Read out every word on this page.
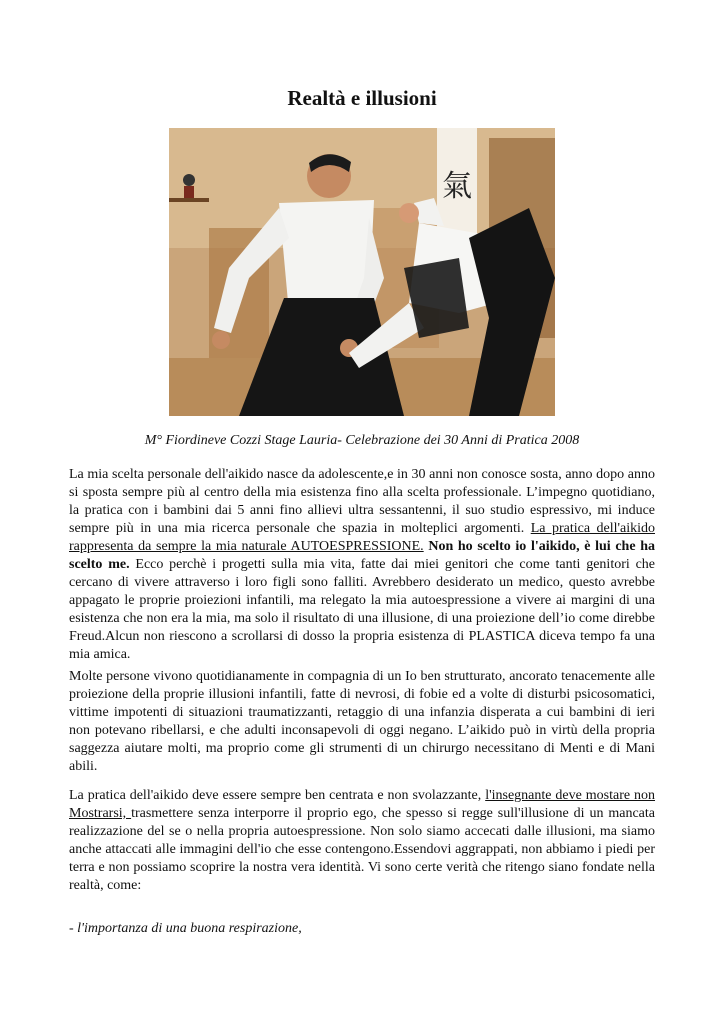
Realtà e illusioni
氣
M° Fiordineve Cozzi Stage Lauria- Celebrazione dei 30 Anni di Pratica 2008

La mia scelta personale dell'aikido nasce da adolescente,e in 30 anni non conosce sosta, anno dopo anno si sposta sempre più al centro della mia esistenza fino alla scelta professionale. L’impegno quotidiano, la pratica con i bambini dai 5 anni fino allievi ultra sessantenni, il suo studio espressivo, mi induce sempre più in una mia ricerca personale che spazia in molteplici argomenti. La pratica dell'aikido rappresenta da sempre la mia naturale AUTOESPRESSIONE. Non ho scelto io l'aikido, è lui che ha scelto me. Ecco perchè i progetti sulla mia vita, fatte dai miei genitori che come tanti genitori che cercano di vivere attraverso i loro figli sono falliti. Avrebbero desiderato un medico, questo avrebbe appagato le proprie proiezioni infantili, ma relegato la mia autoespressione a vivere ai margini di una esistenza che non era la mia, ma solo il risultato di una illusione, di una proiezione dell’io come direbbe Freud.Alcun non riescono a scrollarsi di dosso la propria esistenza di PLASTICA diceva tempo fa una mia amica.

Molte persone vivono quotidianamente in compagnia di un Io ben strutturato, ancorato tenacemente alle proiezione della proprie illusioni infantili, fatte di nevrosi, di fobie ed a volte di disturbi psicosomatici, vittime impotenti di situazioni traumatizzanti, retaggio di una infanzia disperata a cui bambini di ieri non potevano ribellarsi, e che adulti inconsapevoli di oggi negano. L’aikido può in virtù della propria saggezza aiutare molti, ma proprio come gli strumenti di un chirurgo necessitano di Menti e di Mani abili.

La pratica dell'aikido deve essere sempre ben centrata e non svolazzante, l'insegnante deve mostare non Mostrarsi, trasmettere senza interporre il proprio ego, che spesso si regge sull'illusione di un mancata realizzazione del se o nella propria autoespressione. Non solo siamo accecati dalle illusioni, ma siamo anche attaccati alle immagini dell'io che esse contengono.Essendovi aggrappati, non abbiamo i piedi per terra e non possiamo scoprire la nostra vera identità. Vi sono certe verità che ritengo siano fondate nella realtà, come:

- l'importanza di una buona respirazione,
